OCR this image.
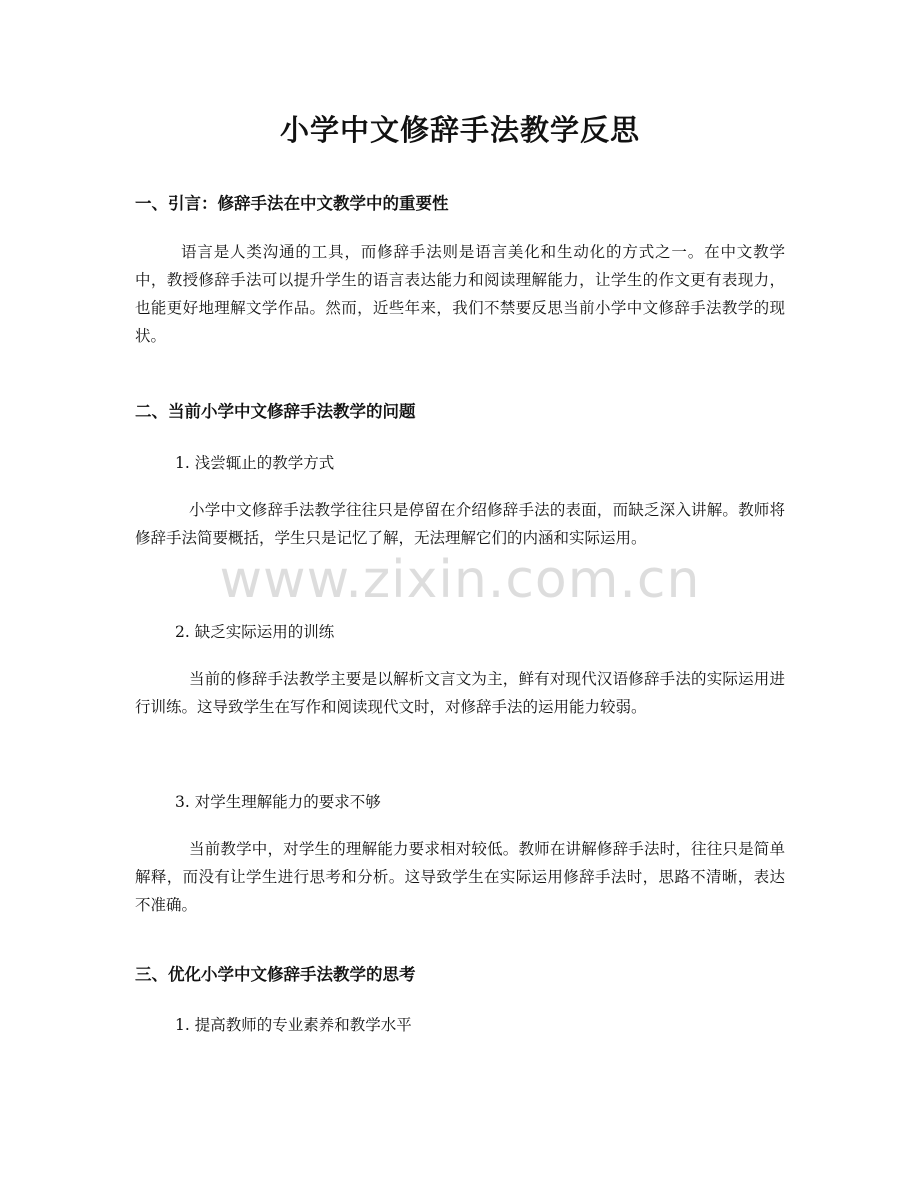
小学中文修辞手法教学反思
一、引言：修辞手法在中文教学中的重要性

语言是人类沟通的工具，而修辞手法则是语言美化和生动化的方式之一。在中文教学中，教授修辞手法可以提升学生的语言表达能力和阅读理解能力，让学生的作文更有表现力，也能更好地理解文学作品。然而，近些年来，我们不禁要反思当前小学中文修辞手法教学的现状。

二、当前小学中文修辞手法教学的问题

1. 浅尝辄止的教学方式

小学中文修辞手法教学往往只是停留在介绍修辞手法的表面，而缺乏深入讲解。教师将修辞手法简要概括，学生只是记忆了解，无法理解它们的内涵和实际运用。

2. 缺乏实际运用的训练

当前的修辞手法教学主要是以解析文言文为主，鲜有对现代汉语修辞手法的实际运用进行训练。这导致学生在写作和阅读现代文时，对修辞手法的运用能力较弱。

3. 对学生理解能力的要求不够

当前教学中，对学生的理解能力要求相对较低。教师在讲解修辞手法时，往往只是简单解释，而没有让学生进行思考和分析。这导致学生在实际运用修辞手法时，思路不清晰，表达不准确。

三、优化小学中文修辞手法教学的思考

1. 提高教师的专业素养和教学水平

www.zixin.com.cn
